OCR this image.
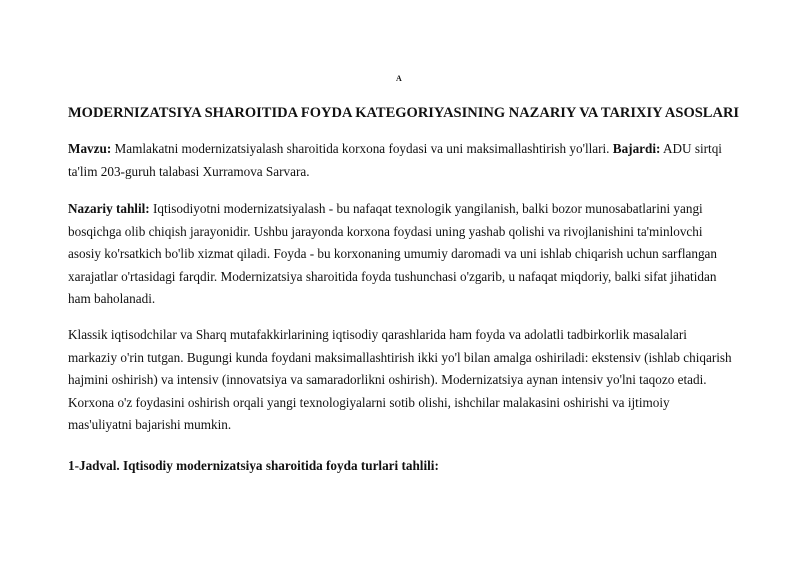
A
MODERNIZATSIYA SHAROITIDA FOYDA KATEGORIYASINING NAZARIY VA TARIXIY ASOSLARI

Mavzu: Mamlakatni modernizatsiyalash sharoitida korxona foydasi va uni maksimallashtirish yo'llari. Bajardi: ADU sirtqi ta'lim 203-guruh talabasi Xurramova Sarvara.

Nazariy tahlil: Iqtisodiyotni modernizatsiyalash - bu nafaqat texnologik yangilanish, balki bozor munosabatlarini yangi bosqichga olib chiqish jarayonidir. Ushbu jarayonda korxona foydasi uning yashab qolishi va rivojlanishini ta'minlovchi asosiy ko'rsatkich bo'lib xizmat qiladi. Foyda - bu korxonaning umumiy daromadi va uni ishlab chiqarish uchun sarflangan xarajatlar o'rtasidagi farqdir. Modernizatsiya sharoitida foyda tushunchasi o'zgarib, u nafaqat miqdoriy, balki sifat jihatidan ham baholanadi.

Klassik iqtisodchilar va Sharq mutafakkirlarining iqtisodiy qarashlarida ham foyda va adolatli tadbirkorlik masalalari markaziy o'rin tutgan. Bugungi kunda foydani maksimallashtirish ikki yo'l bilan amalga oshiriladi: ekstensiv (ishlab chiqarish hajmini oshirish) va intensiv (innovatsiya va samaradorlikni oshirish). Modernizatsiya aynan intensiv yo'lni taqozo etadi. Korxona o'z foydasini oshirish orqali yangi texnologiyalarni sotib olishi, ishchilar malakasini oshirishi va ijtimoiy mas'uliyatni bajarishi mumkin.

1-Jadval. Iqtisodiy modernizatsiya sharoitida foyda turlari tahlili:
